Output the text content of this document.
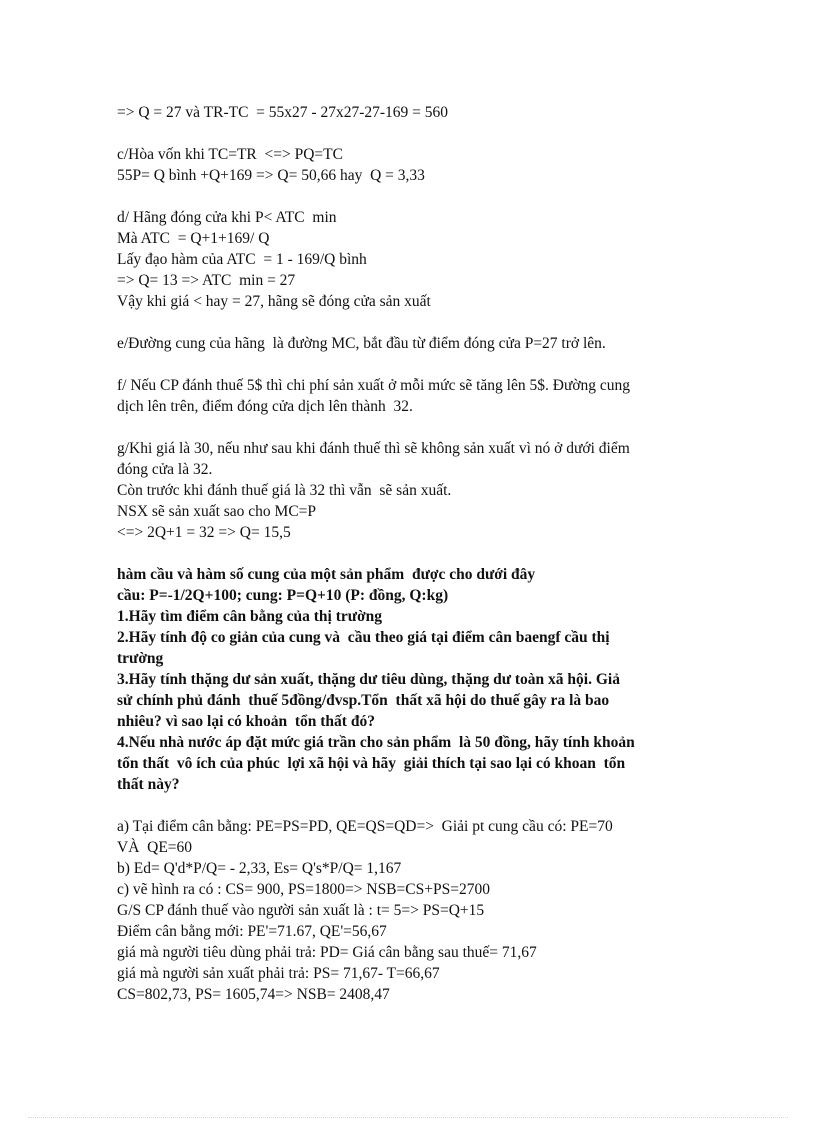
=> Q = 27 và TR-TC  = 55x27 - 27x27-27-169 = 560
c/Hòa vốn khi TC=TR  <=> PQ=TC
55P= Q bình +Q+169 => Q= 50,66 hay  Q = 3,33
d/ Hãng đóng cửa khi P< ATC  min
Mà ATC  = Q+1+169/ Q
Lấy đạo hàm của ATC  = 1 - 169/Q bình
=> Q= 13 => ATC  min = 27
Vậy khi giá < hay = 27, hãng sẽ đóng cửa sản xuất
e/Đường cung của hãng  là đường MC, bắt đầu từ điểm đóng cửa P=27 trở lên.
f/ Nếu CP đánh thuế 5$ thì chi phí sản xuất ở mỗi mức sẽ tăng lên 5$. Đường cung
dịch lên trên, điểm đóng cửa dịch lên thành  32.
g/Khi giá là 30, nếu như sau khi đánh thuế thì sẽ không sản xuất vì nó ở dưới điểm
đóng cửa là 32.
Còn trước khi đánh thuế giá là 32 thì vẫn  sẽ sản xuất.
NSX sẽ sản xuất sao cho MC=P
<=> 2Q+1 = 32 => Q= 15,5
hàm cầu và hàm số cung của một sản phẩm  được cho dưới đây
cầu: P=-1/2Q+100; cung: P=Q+10 (P: đồng, Q:kg)
1.Hãy tìm điểm cân bằng của thị trường
2.Hãy tính độ co giản của cung và  cầu theo giá tại điểm cân baengf cầu thị
trường
3.Hãy tính thặng dư sản xuất, thặng dư tiêu dùng, thặng dư toàn xã hội. Giả
sử chính phủ đánh  thuế 5đồng/đvsp.Tổn  thất xã hội do thuế gây ra là bao
nhiêu? vì sao lại có khoản  tổn thất đó?
4.Nếu nhà nước áp đặt mức giá trần cho sản phẩm  là 50 đồng, hãy tính khoản
tổn thất  vô ích của phúc  lợi xã hội và hãy  giải thích tại sao lại có khoan  tổn
thất này?
a) Tại điểm cân bằng: PE=PS=PD, QE=QS=QD=>  Giải pt cung cầu có: PE=70
VÀ  QE=60
b) Ed= Q'd*P/Q= - 2,33, Es= Q's*P/Q= 1,167
c) vẽ hình ra có : CS= 900, PS=1800=> NSB=CS+PS=2700
G/S CP đánh thuế vào người sản xuất là : t= 5=> PS=Q+15
Điểm cân bằng mới: PE'=71.67, QE'=56,67
giá mà người tiêu dùng phải trả: PD= Giá cân bằng sau thuế= 71,67
giá mà người sản xuất phải trả: PS= 71,67- T=66,67
CS=802,73, PS= 1605,74=> NSB= 2408,47
